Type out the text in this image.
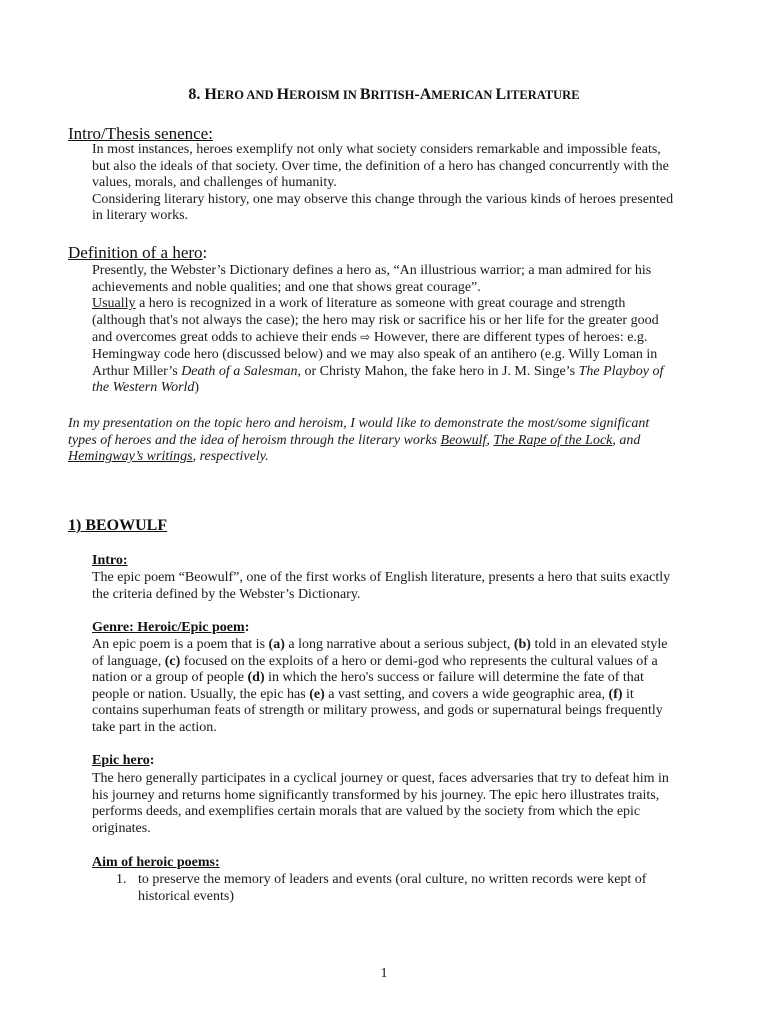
8. HERO AND HEROISM IN BRITISH-AMERICAN LITERATURE
Intro/Thesis senence:
In most instances, heroes exemplify not only what society considers remarkable and impossible feats, but also the ideals of that society. Over time, the definition of a hero has changed concurrently with the values, morals, and challenges of humanity.
Considering literary history, one may observe this change through the various kinds of heroes presented in literary works.
Definition of a hero:
Presently, the Webster’s Dictionary defines a hero as, “An illustrious warrior; a man admired for his achievements and noble qualities; and one that shows great courage”.
Usually a hero is recognized in a work of literature as someone with great courage and strength (although that's not always the case); the hero may risk or sacrifice his or her life for the greater good and overcomes great odds to achieve their ends ⇨ However, there are different types of heroes: e.g. Hemingway code hero (discussed below) and we may also speak of an antihero (e.g. Willy Loman in Arthur Miller’s Death of a Salesman, or Christy Mahon, the fake hero in J. M. Singe’s The Playboy of the Western World)
In my presentation on the topic hero and heroism, I would like to demonstrate the most/some significant types of heroes and the idea of heroism through the literary works Beowulf, The Rape of the Lock, and Hemingway’s writings, respectively.
1) BEOWULF
Intro:
The epic poem “Beowulf”, one of the first works of English literature, presents a hero that suits exactly the criteria defined by the Webster’s Dictionary.
Genre: Heroic/Epic poem:
An epic poem is a poem that is (a) a long narrative about a serious subject, (b) told in an elevated style of language, (c) focused on the exploits of a hero or demi-god who represents the cultural values of a nation or a group of people (d) in which the hero's success or failure will determine the fate of that people or nation. Usually, the epic has (e) a vast setting, and covers a wide geographic area, (f) it contains superhuman feats of strength or military prowess, and gods or supernatural beings frequently take part in the action.
Epic hero:
The hero generally participates in a cyclical journey or quest, faces adversaries that try to defeat him in his journey and returns home significantly transformed by his journey. The epic hero illustrates traits, performs deeds, and exemplifies certain morals that are valued by the society from which the epic originates.
Aim of heroic poems:
1. to preserve the memory of leaders and events (oral culture, no written records were kept of historical events)
1
